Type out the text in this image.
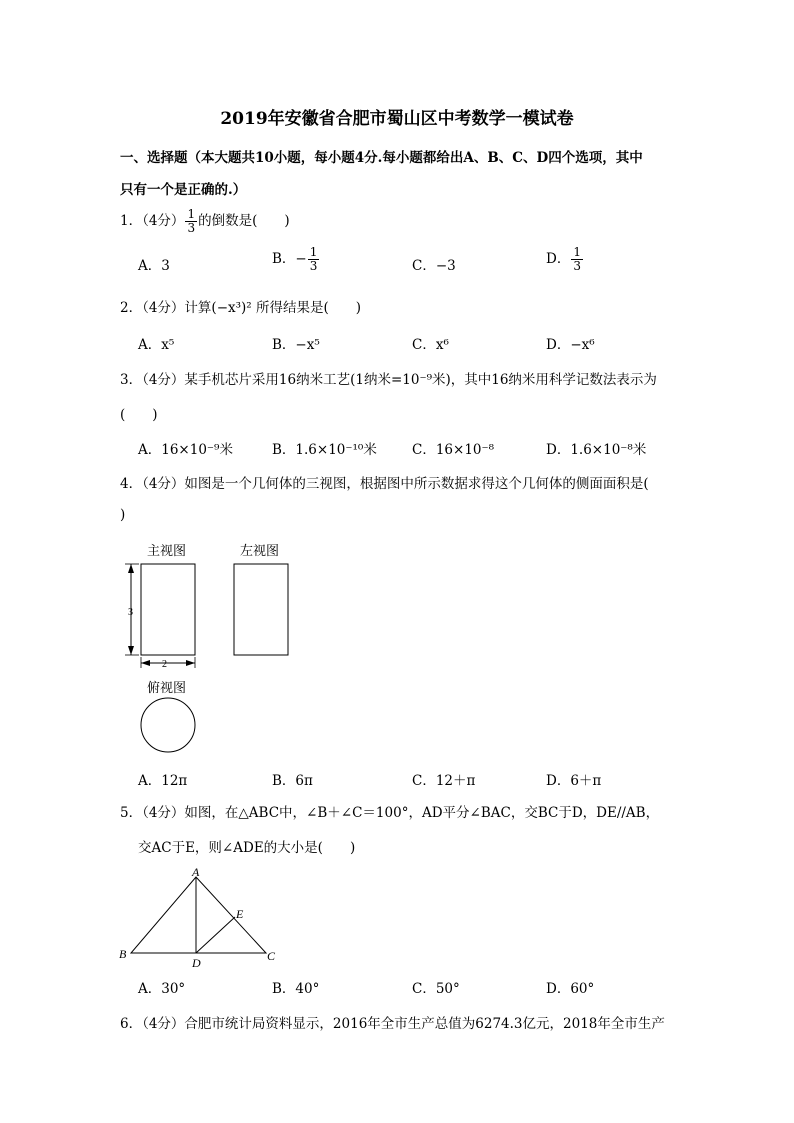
2019年安徽省合肥市蜀山区中考数学一模试卷
一、选择题（本大题共10小题，每小题4分.每小题都给出A、B、C、D四个选项，其中
只有一个是正确的.）
1．（4分） $\frac{1}{3}$ 的倒数是(　　)
A．3	B．− $\frac{1}{3}$	C．−3	D． $\frac{1}{3}$
2．（4分）计算(−x³)² 所得结果是(　　)
A．x⁵	B．−x⁵	C．x⁶	D．−x⁶
3．（4分）某手机芯片采用16纳米工艺(1纳米=10⁻⁹米)，其中16纳米用科学记数法表示为
(　　)
A．16×10⁻⁹米	B．1.6×10⁻¹⁰米	C．16×10⁻⁸	D．1.6×10⁻⁸米
4．（4分）如图是一个几何体的三视图，根据图中所示数据求得这个几何体的侧面面积是(
)
主视图	左视图
3
2
俯视图
A．12π	B．6π	C．12＋π	D．6＋π
5．（4分）如图，在△ABC中，∠B＋∠C＝100°，AD平分∠BAC，交BC于D，DE//AB，
交AC于E，则∠ADE的大小是(　　)
A
B	C
D
E
A．30°	B．40°	C．50°	D．60°
6．（4分）合肥市统计局资料显示，2016年全市生产总值为6274.3亿元，2018年全市生产
